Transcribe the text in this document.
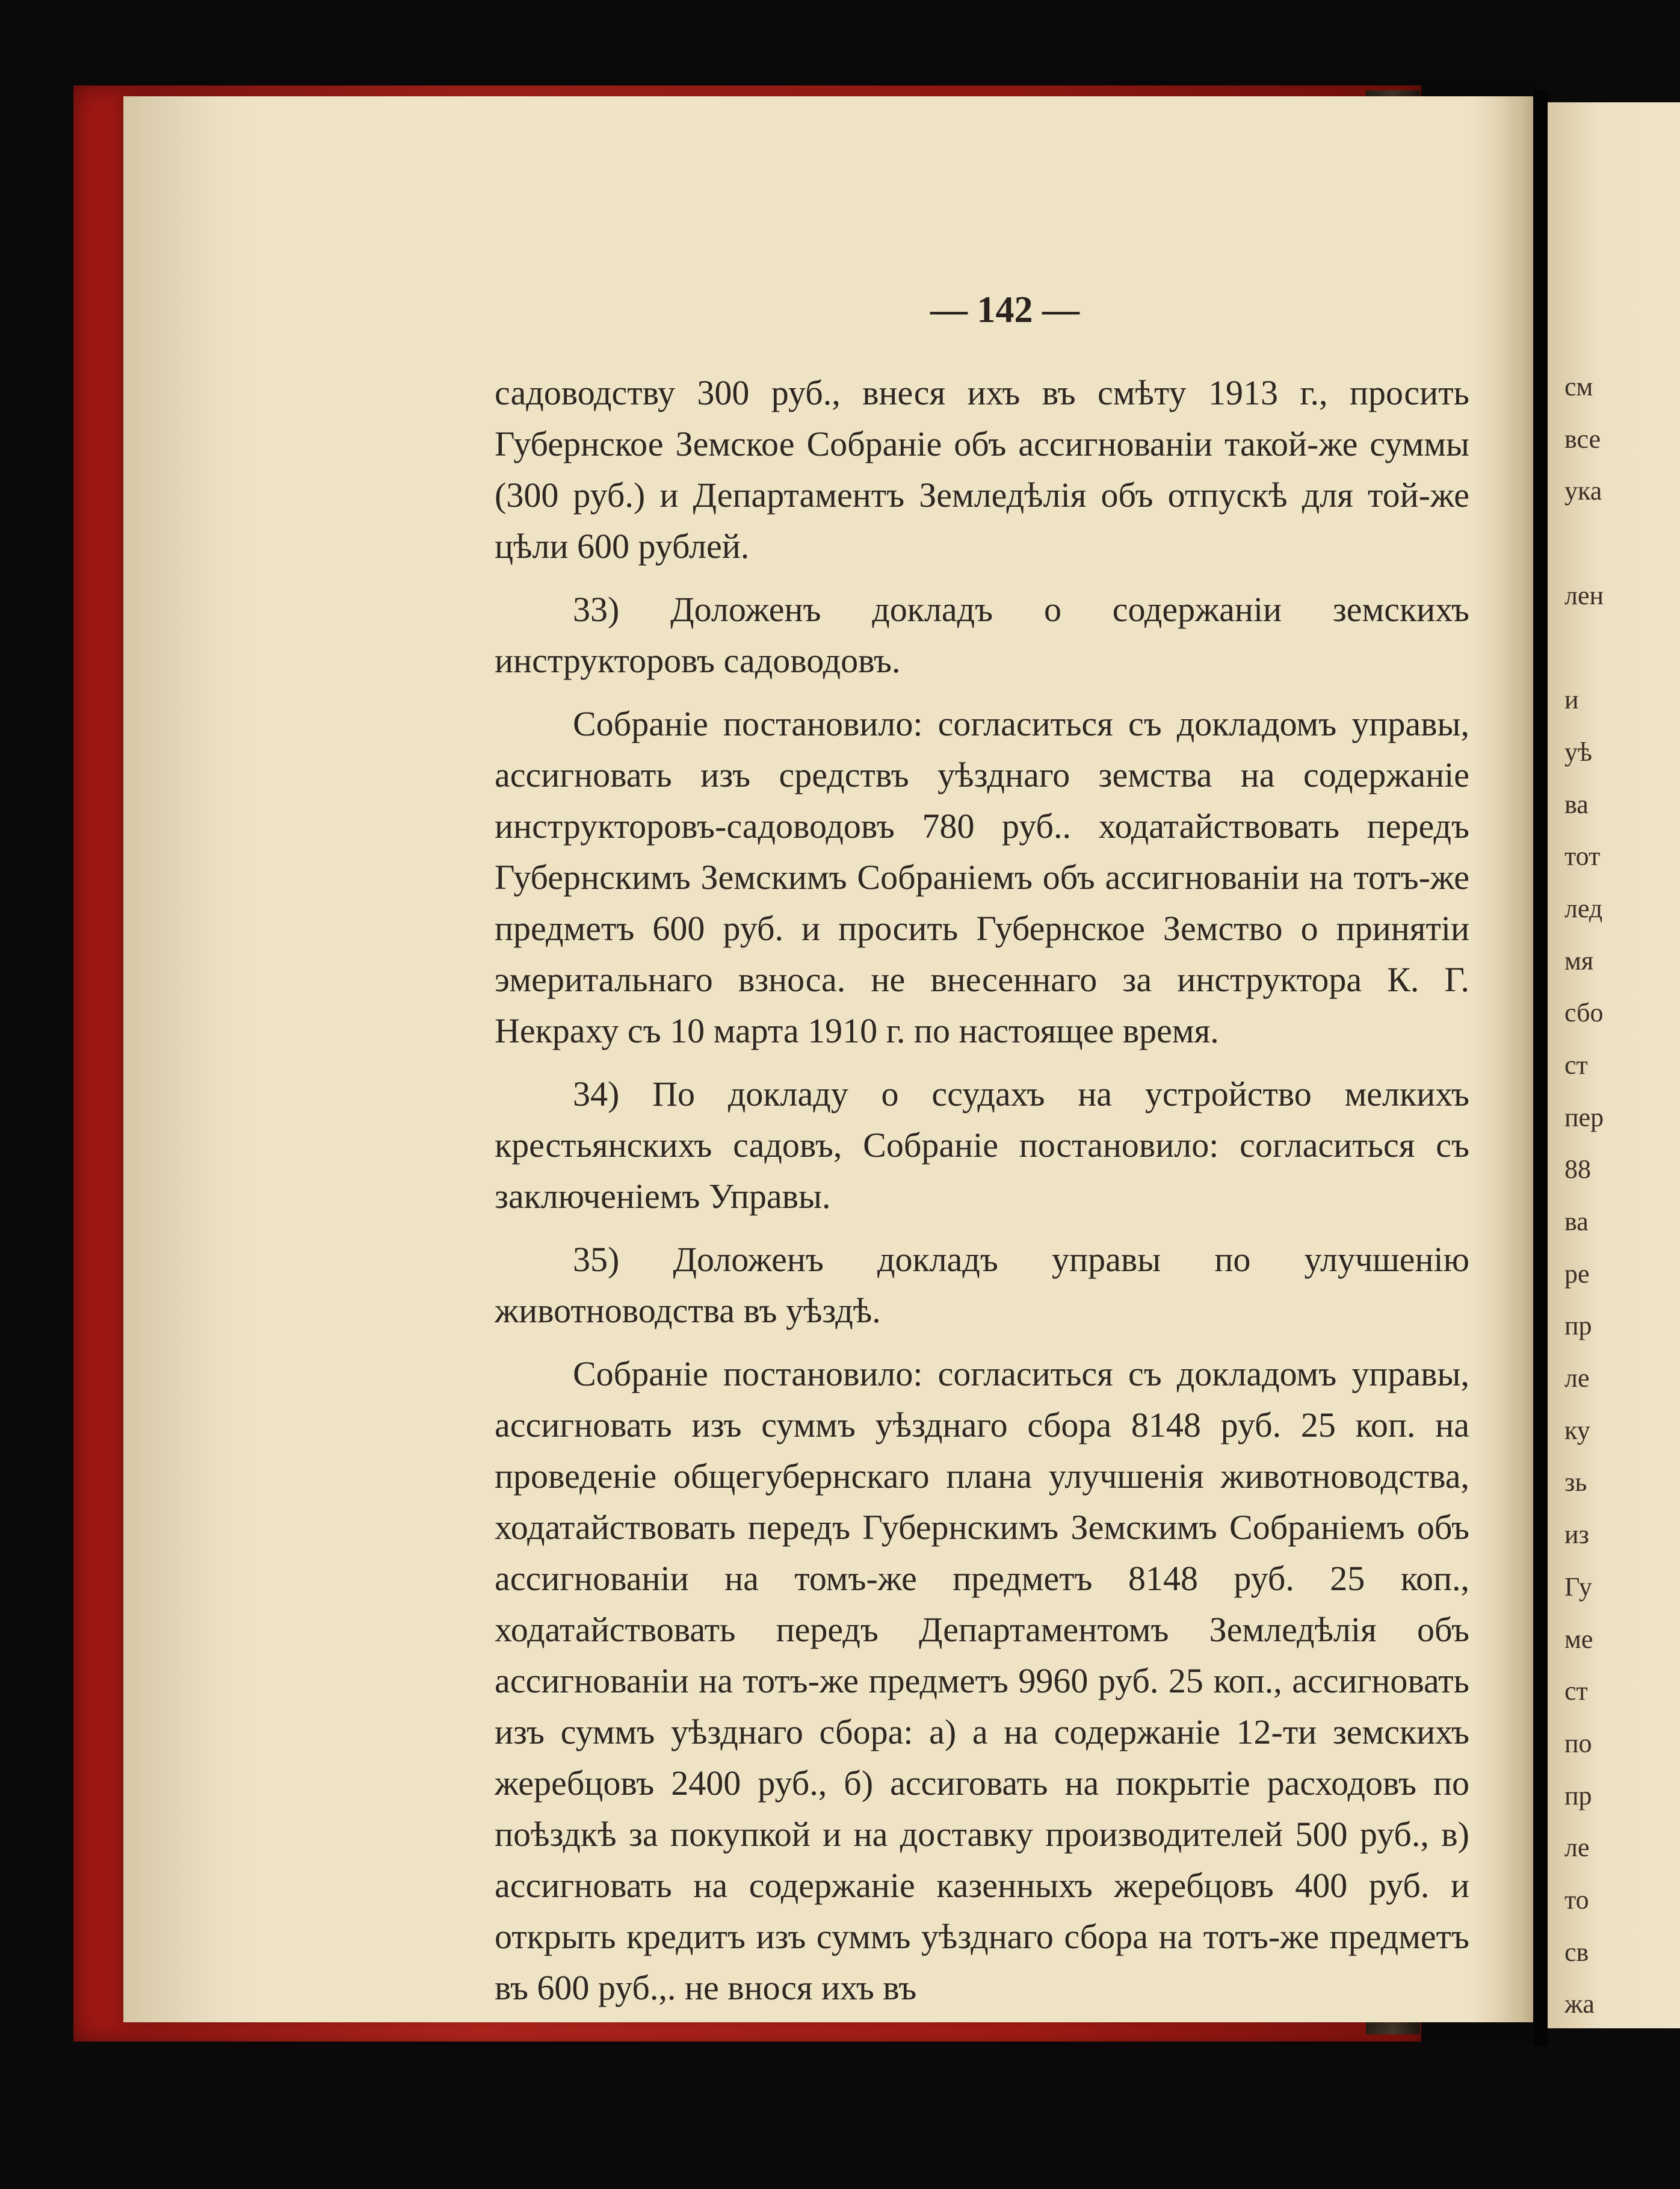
— 142 —

садоводству 300 руб., внеся ихъ въ смѣту 1913 г., просить Губернское Земское Собраніе объ ассигнованіи такой-же суммы (300 руб.) и Департаментъ Земледѣлія объ отпускѣ для той-же цѣли 600 рублей.

33) Доложенъ докладъ о содержаніи земскихъ инструкторовъ садоводовъ.

Собраніе постановило: согласиться съ докладомъ управы, ассигновать изъ средствъ уѣзднаго земства на содержаніе инструкторовъ-садоводовъ 780 руб.. ходатайствовать передъ Губернскимъ Земскимъ Собраніемъ объ ассигнованіи на тотъ-же предметъ 600 руб. и просить Губернское Земство о принятіи эмеритальнаго взноса. не внесеннаго за инструктора К. Г. Некраху съ 10 марта 1910 г. по настоящее время.

34) По докладу о ссудахъ на устройство мелкихъ крестьянскихъ садовъ, Собраніе постановило: согласиться съ заключеніемъ Управы.

35) Доложенъ докладъ управы по улучшенію животноводства въ уѣздѣ.

Собраніе постановило: согласиться съ докладомъ управы, ассигновать изъ суммъ уѣзднаго сбора 8148 руб. 25 коп. на проведеніе общегубернскаго плана улучшенія животноводства, ходатайствовать передъ Губернскимъ Земскимъ Собраніемъ объ ассигнованіи на томъ-же предметъ 8148 руб. 25 коп., ходатайствовать передъ Департаментомъ Земледѣлія объ ассигнованіи на тотъ-же предметъ 9960 руб. 25 коп., ассигновать изъ суммъ уѣзднаго сбора: а) а на содержаніе 12-ти земскихъ жеребцовъ 2400 руб., б) ассиговать на покрытіе расходовъ по поѣздкѣ за покупкой и на доставку производителей 500 руб., в) ассигновать на содержаніе казенныхъ жеребцовъ 400 руб. и открыть кредитъ изъ суммъ уѣзднаго сбора на тотъ-же предметъ въ 600 руб.,. не внося ихъ въ

см
все
ука
лен
и
уѣ
ва
тот
лед
мя
сбо
ст
пер
88
ва
ре
пр
ле
ку
зь
из
Гу
ме
ст
по
пр
ле
то
св
жа
